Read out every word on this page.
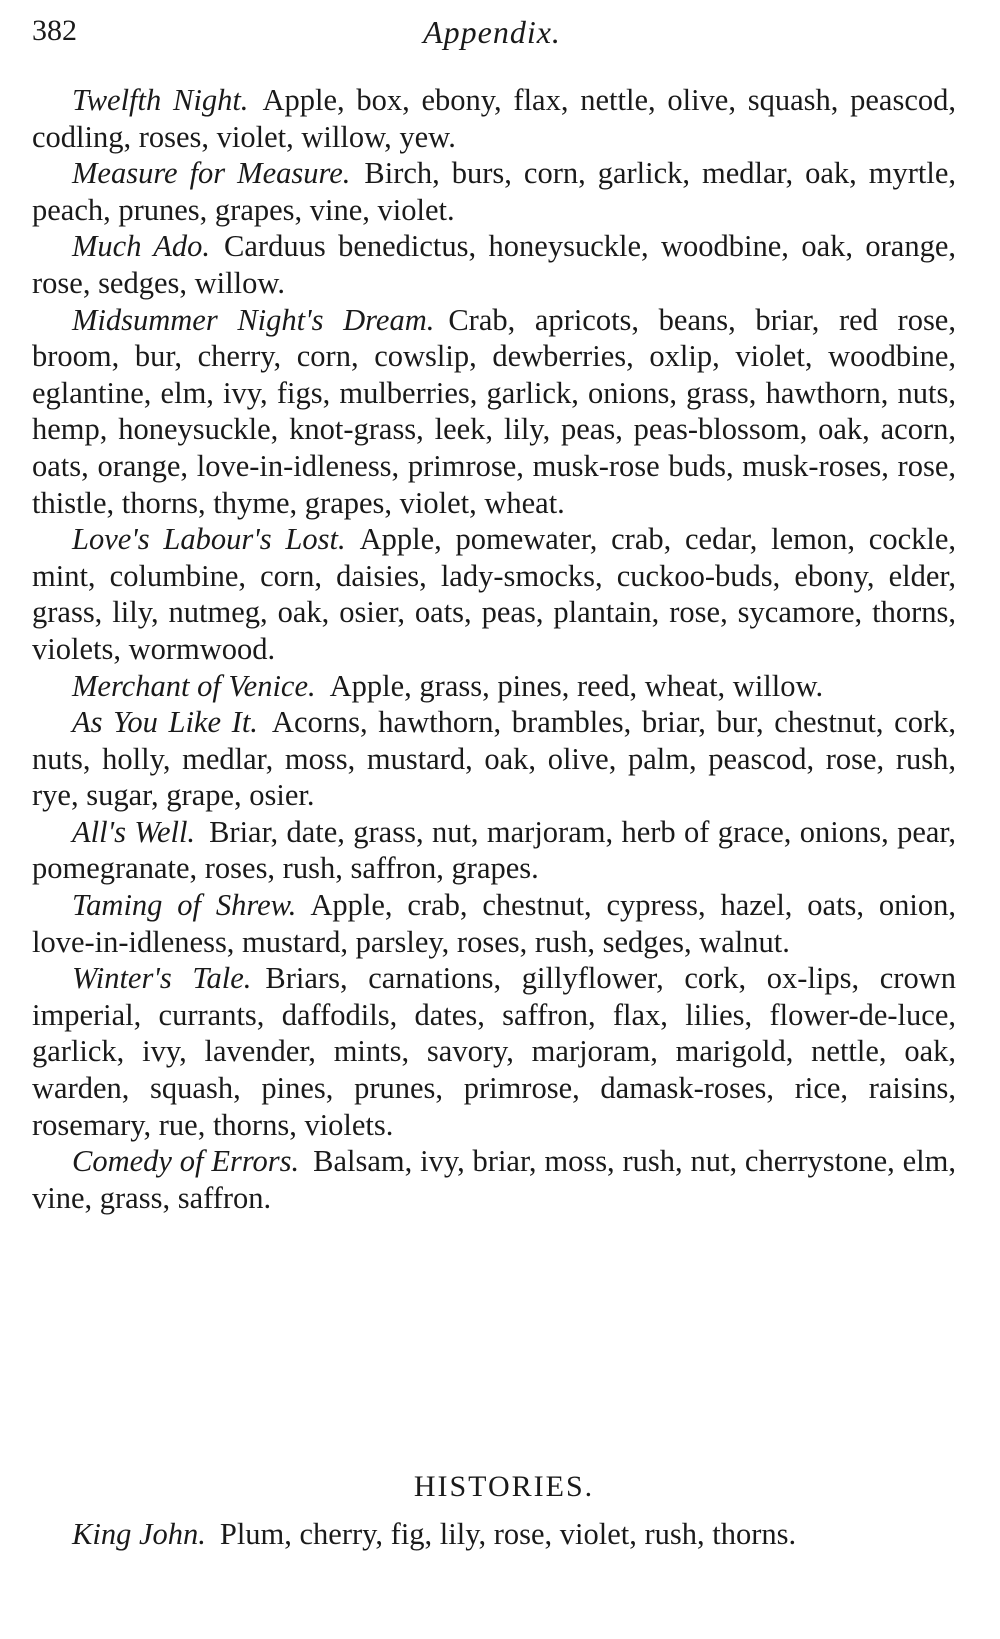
382	Appendix.

Twelfth Night. Apple, box, ebony, flax, nettle, olive, squash, peascod, codling, roses, violet, willow, yew.

Measure for Measure. Birch, burs, corn, garlick, medlar, oak, myrtle, peach, prunes, grapes, vine, violet.

Much Ado. Carduus benedictus, honeysuckle, woodbine, oak, orange, rose, sedges, willow.

Midsummer Night's Dream. Crab, apricots, beans, briar, red rose, broom, bur, cherry, corn, cowslip, dewberries, oxlip, violet, woodbine, eglantine, elm, ivy, figs, mulberries, garlick, onions, grass, hawthorn, nuts, hemp, honeysuckle, knot-grass, leek, lily, peas, peas-blossom, oak, acorn, oats, orange, love-in-idleness, primrose, musk-rose buds, musk-roses, rose, thistle, thorns, thyme, grapes, violet, wheat.

Love's Labour's Lost. Apple, pomewater, crab, cedar, lemon, cockle, mint, columbine, corn, daisies, lady-smocks, cuckoo-buds, ebony, elder, grass, lily, nutmeg, oak, osier, oats, peas, plantain, rose, sycamore, thorns, violets, wormwood.

Merchant of Venice. Apple, grass, pines, reed, wheat, willow.

As You Like It. Acorns, hawthorn, brambles, briar, bur, chestnut, cork, nuts, holly, medlar, moss, mustard, oak, olive, palm, peascod, rose, rush, rye, sugar, grape, osier.

All's Well. Briar, date, grass, nut, marjoram, herb of grace, onions, pear, pomegranate, roses, rush, saffron, grapes.

Taming of Shrew. Apple, crab, chestnut, cypress, hazel, oats, onion, love-in-idleness, mustard, parsley, roses, rush, sedges, walnut.

Winter's Tale. Briars, carnations, gillyflower, cork, ox-lips, crown imperial, currants, daffodils, dates, saffron, flax, lilies, flower-de-luce, garlick, ivy, lavender, mints, savory, marjoram, marigold, nettle, oak, warden, squash, pines, prunes, primrose, damask-roses, rice, raisins, rosemary, rue, thorns, violets.

Comedy of Errors. Balsam, ivy, briar, moss, rush, nut, cherrystone, elm, vine, grass, saffron.

HISTORIES.

King John. Plum, cherry, fig, lily, rose, violet, rush, thorns.
